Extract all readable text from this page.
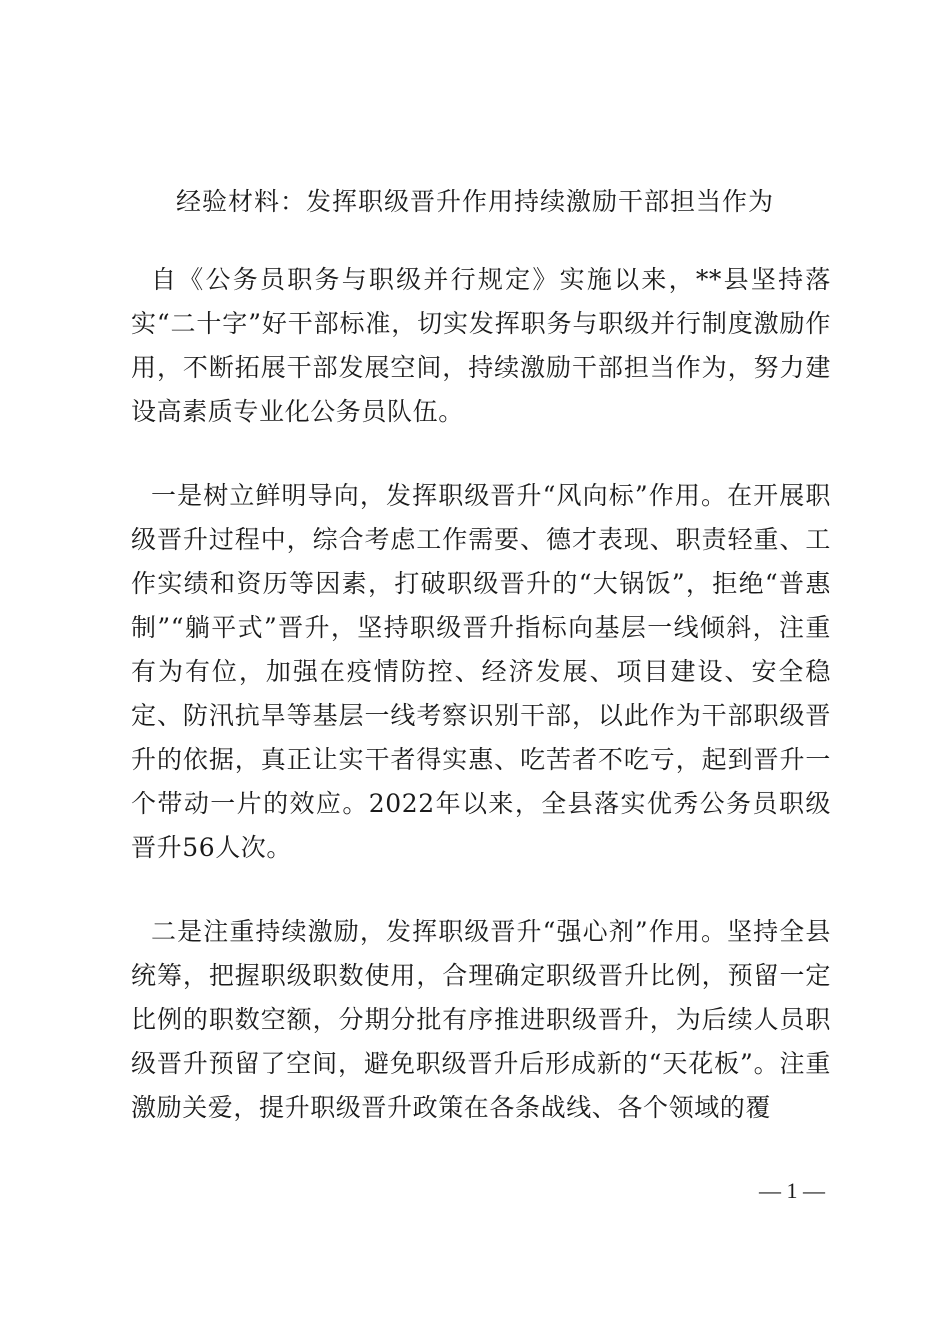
经验材料：发挥职级晋升作用持续激励干部担当作为

自《公务员职务与职级并行规定》实施以来，**县坚持落实“二十字”好干部标准，切实发挥职务与职级并行制度激励作用，不断拓展干部发展空间，持续激励干部担当作为，努力建设高素质专业化公务员队伍。

一是树立鲜明导向，发挥职级晋升“风向标”作用。在开展职级晋升过程中，综合考虑工作需要、德才表现、职责轻重、工作实绩和资历等因素，打破职级晋升的“大锅饭”，拒绝“普惠制”“躺平式”晋升，坚持职级晋升指标向基层一线倾斜，注重有为有位，加强在疫情防控、经济发展、项目建设、安全稳定、防汛抗旱等基层一线考察识别干部，以此作为干部职级晋升的依据，真正让实干者得实惠、吃苦者不吃亏，起到晋升一个带动一片的效应。2022年以来，全县落实优秀公务员职级晋升56人次。

二是注重持续激励，发挥职级晋升“强心剂”作用。坚持全县统筹，把握职级职数使用，合理确定职级晋升比例，预留一定比例的职数空额，分期分批有序推进职级晋升，为后续人员职级晋升预留了空间，避免职级晋升后形成新的“天花板”。注重激励关爱，提升职级晋升政策在各条战线、各个领域的覆

— 1 —
